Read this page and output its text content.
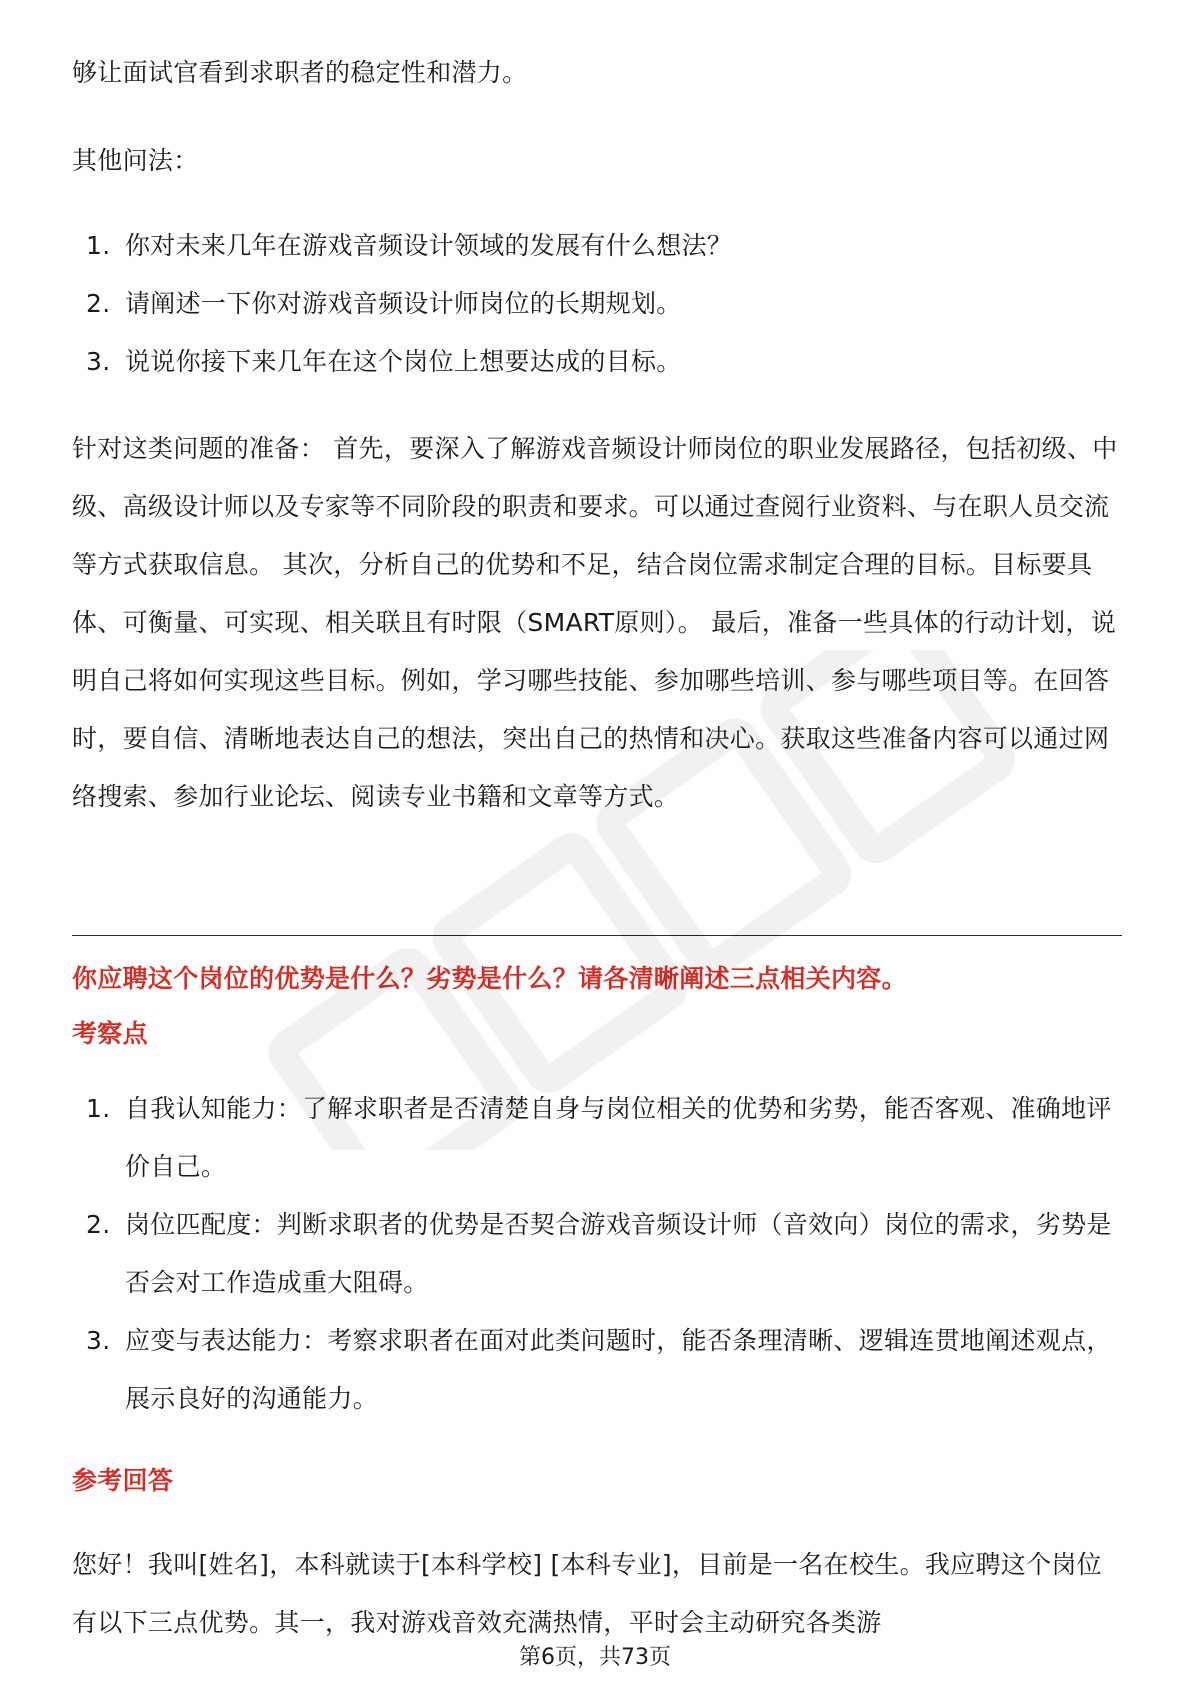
够让面试官看到求职者的稳定性和潜力。

其他问法：

1. 你对未来几年在游戏音频设计领域的发展有什么想法？
2. 请阐述一下你对游戏音频设计师岗位的长期规划。
3. 说说你接下来几年在这个岗位上想要达成的目标。

针对这类问题的准备： 首先，要深入了解游戏音频设计师岗位的职业发展路径，包括初级、中级、高级设计师以及专家等不同阶段的职责和要求。可以通过查阅行业资料、与在职人员交流等方式获取信息。 其次，分析自己的优势和不足，结合岗位需求制定合理的目标。目标要具体、可衡量、可实现、相关联且有时限（SMART原则）。 最后，准备一些具体的行动计划，说明自己将如何实现这些目标。例如，学习哪些技能、参加哪些培训、参与哪些项目等。在回答时，要自信、清晰地表达自己的想法，突出自己的热情和决心。获取这些准备内容可以通过网络搜索、参加行业论坛、阅读专业书籍和文章等方式。

你应聘这个岗位的优势是什么？劣势是什么？请各清晰阐述三点相关内容。

考察点

1. 自我认知能力：了解求职者是否清楚自身与岗位相关的优势和劣势，能否客观、准确地评价自己。
2. 岗位匹配度：判断求职者的优势是否契合游戏音频设计师（音效向）岗位的需求，劣势是否会对工作造成重大阻碍。
3. 应变与表达能力：考察求职者在面对此类问题时，能否条理清晰、逻辑连贯地阐述观点，展示良好的沟通能力。

参考回答

您好！我叫[姓名]，本科就读于[本科学校] [本科专业]，目前是一名在校生。我应聘这个岗位有以下三点优势。其一，我对游戏音效充满热情，平时会主动研究各类游

第6页，共73页
